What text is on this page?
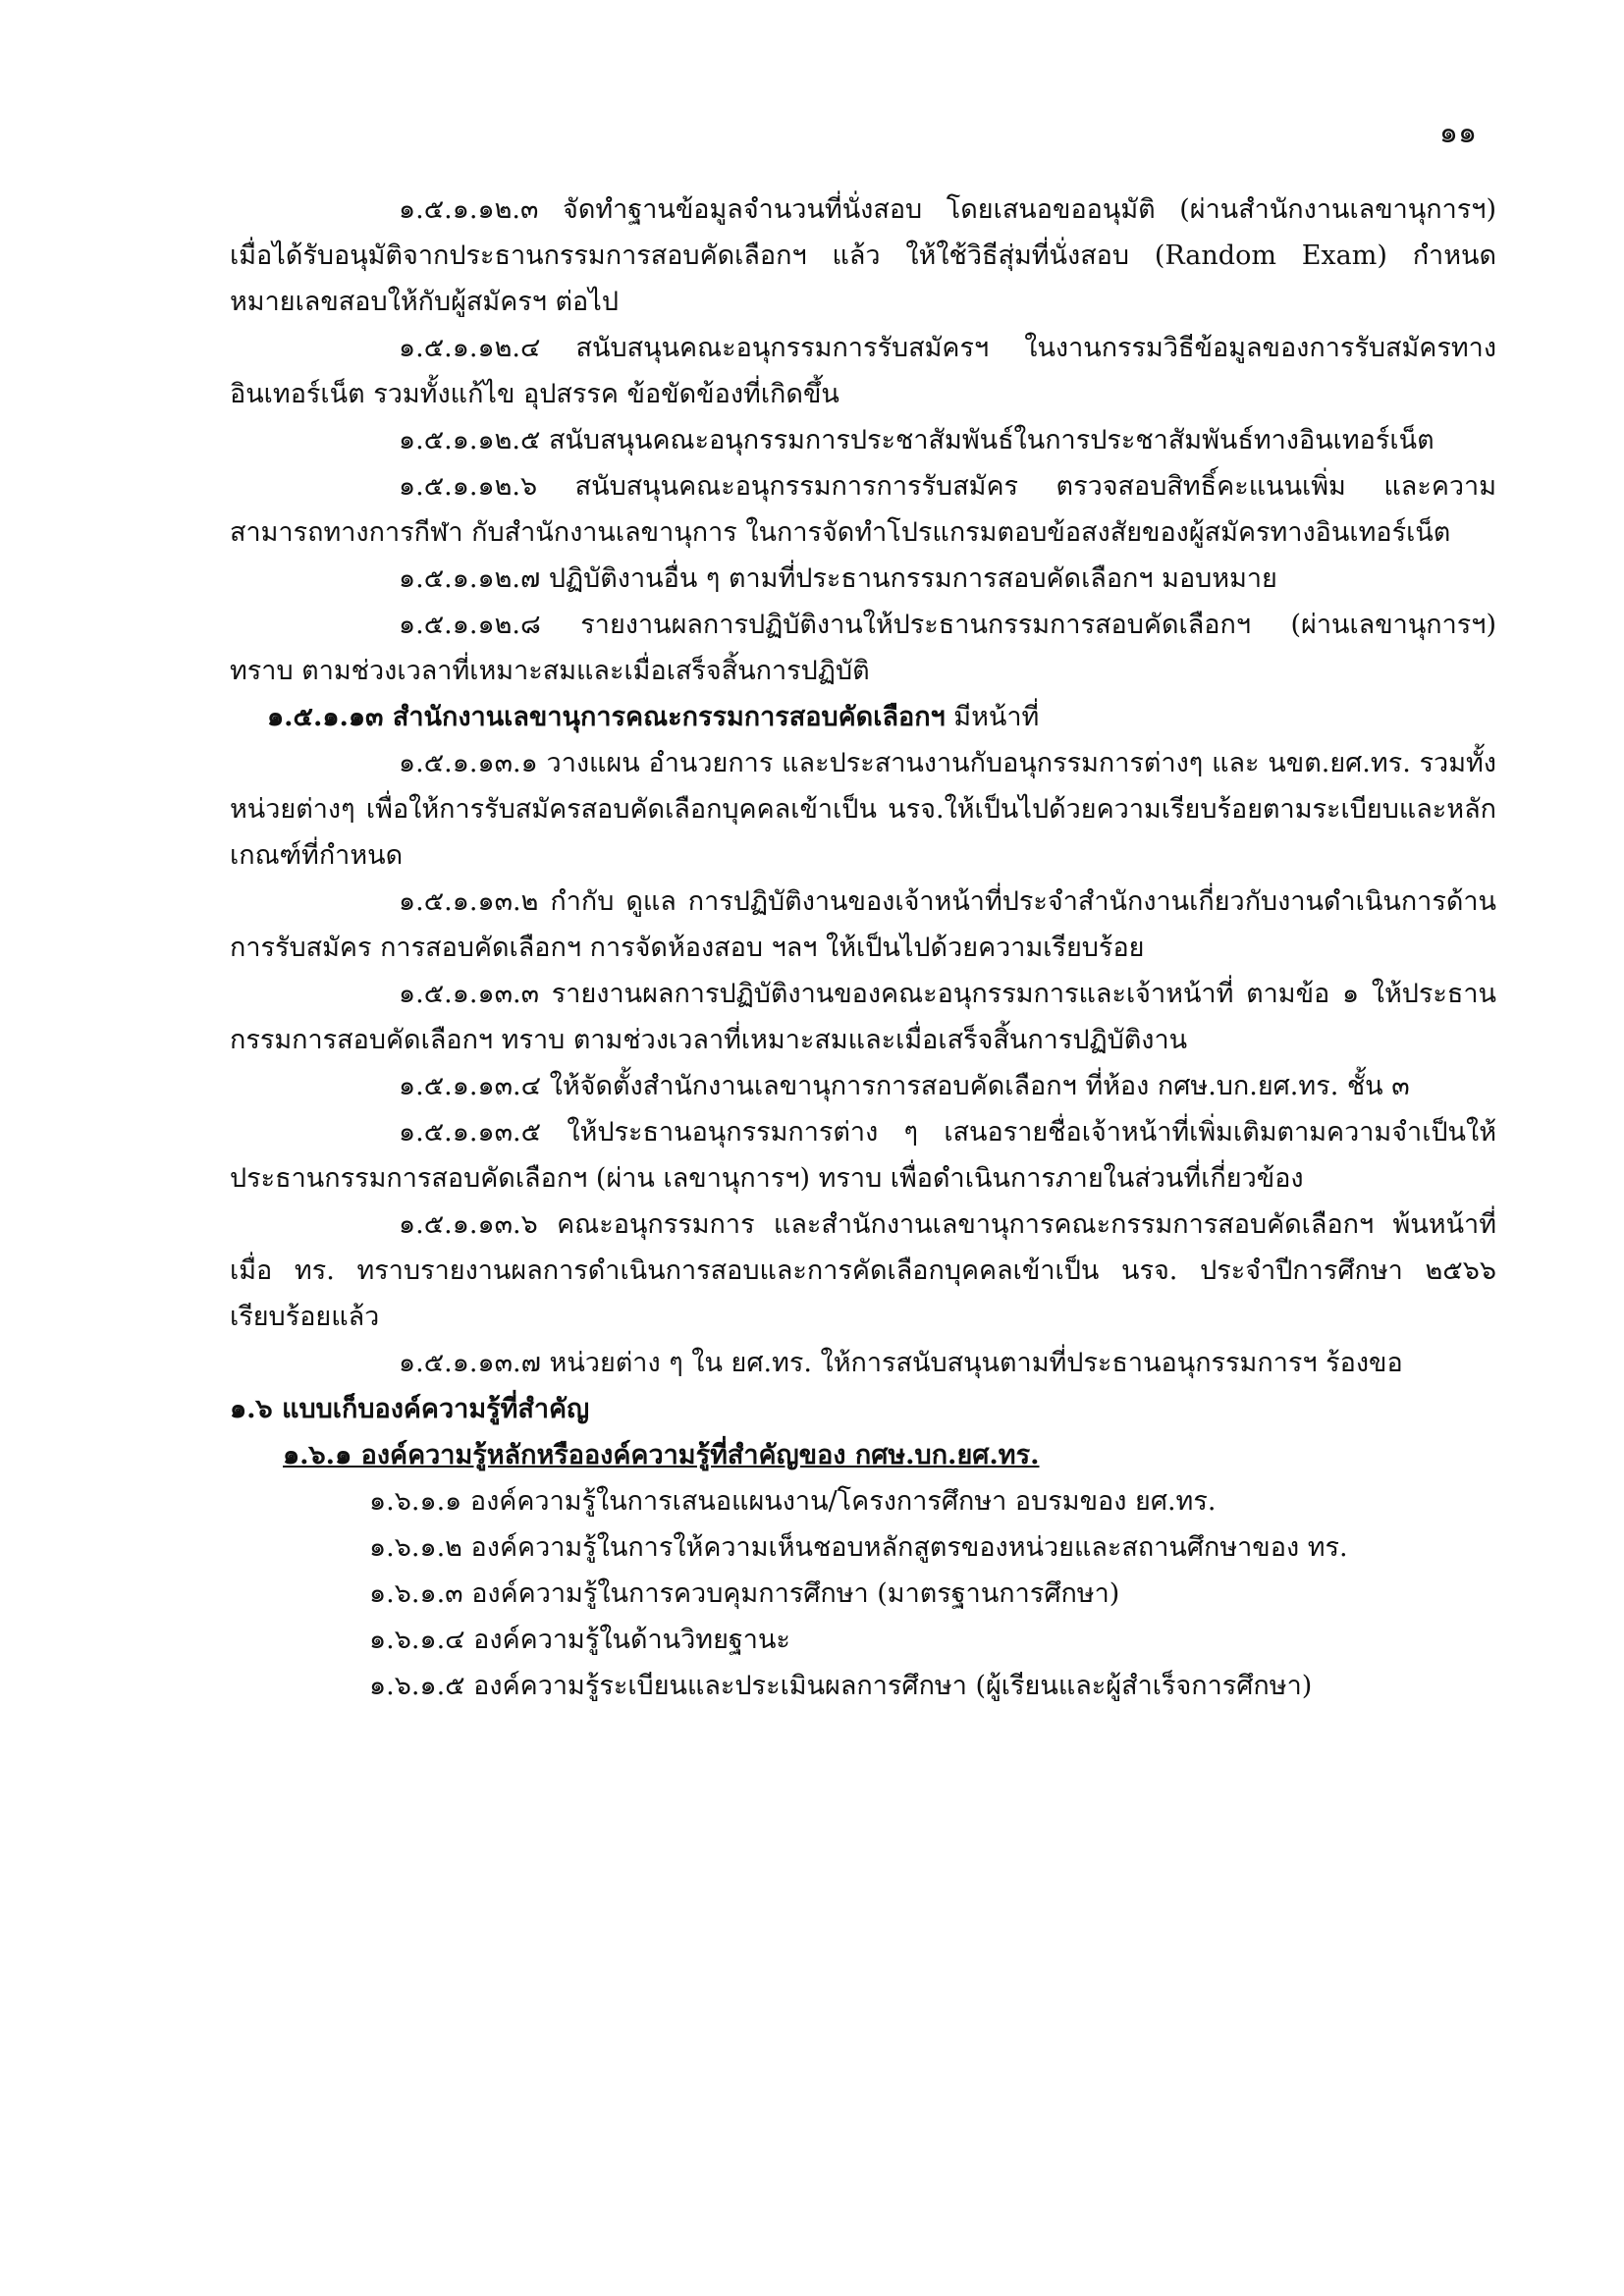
๑๑

๑.๕.๑.๑๒.๓ จัดทำฐานข้อมูลจำนวนที่นั่งสอบ โดยเสนอขออนุมัติ (ผ่านสำนักงานเลขานุการฯ) เมื่อได้รับอนุมัติจากประธานกรรมการสอบคัดเลือกฯ แล้ว ให้ใช้วิธีสุ่มที่นั่งสอบ (Random Exam) กำหนดหมายเลขสอบให้กับผู้สมัครฯ ต่อไป

๑.๕.๑.๑๒.๔ สนับสนุนคณะอนุกรรมการรับสมัครฯ ในงานกรรมวิธีข้อมูลของการรับสมัครทางอินเทอร์เน็ต รวมทั้งแก้ไข อุปสรรค ข้อขัดข้องที่เกิดขึ้น

๑.๕.๑.๑๒.๕ สนับสนุนคณะอนุกรรมการประชาสัมพันธ์ในการประชาสัมพันธ์ทางอินเทอร์เน็ต

๑.๕.๑.๑๒.๖ สนับสนุนคณะอนุกรรมการการรับสมัคร ตรวจสอบสิทธิ์คะแนนเพิ่ม และความสามารถทางการกีฬา กับสำนักงานเลขานุการ ในการจัดทำโปรแกรมตอบข้อสงสัยของผู้สมัครทางอินเทอร์เน็ต

๑.๕.๑.๑๒.๗ ปฏิบัติงานอื่น ๆ ตามที่ประธานกรรมการสอบคัดเลือกฯ มอบหมาย

๑.๕.๑.๑๒.๘ รายงานผลการปฏิบัติงานให้ประธานกรรมการสอบคัดเลือกฯ (ผ่านเลขานุการฯ) ทราบ ตามช่วงเวลาที่เหมาะสมและเมื่อเสร็จสิ้นการปฏิบัติ

๑.๕.๑.๑๓ สำนักงานเลขานุการคณะกรรมการสอบคัดเลือกฯ มีหน้าที่

๑.๕.๑.๑๓.๑ วางแผน อำนวยการ และประสานงานกับอนุกรรมการต่างๆ และ นขต.ยศ.ทร. รวมทั้งหน่วยต่างๆ เพื่อให้การรับสมัครสอบคัดเลือกบุคคลเข้าเป็น นรจ.ให้เป็นไปด้วยความเรียบร้อยตามระเบียบและหลักเกณฑ์ที่กำหนด

๑.๕.๑.๑๓.๒ กำกับ ดูแล การปฏิบัติงานของเจ้าหน้าที่ประจำสำนักงานเกี่ยวกับงานดำเนินการด้านการรับสมัคร การสอบคัดเลือกฯ การจัดห้องสอบ ฯลฯ ให้เป็นไปด้วยความเรียบร้อย

๑.๕.๑.๑๓.๓ รายงานผลการปฏิบัติงานของคณะอนุกรรมการและเจ้าหน้าที่ ตามข้อ ๑ ให้ประธานกรรมการสอบคัดเลือกฯ ทราบ ตามช่วงเวลาที่เหมาะสมและเมื่อเสร็จสิ้นการปฏิบัติงาน

๑.๕.๑.๑๓.๔ ให้จัดตั้งสำนักงานเลขานุการการสอบคัดเลือกฯ ที่ห้อง กศษ.บก.ยศ.ทร. ชั้น ๓

๑.๕.๑.๑๓.๕ ให้ประธานอนุกรรมการต่าง ๆ เสนอรายชื่อเจ้าหน้าที่เพิ่มเติมตามความจำเป็นให้ประธานกรรมการสอบคัดเลือกฯ (ผ่าน เลขานุการฯ) ทราบ เพื่อดำเนินการภายในส่วนที่เกี่ยวข้อง

๑.๕.๑.๑๓.๖ คณะอนุกรรมการ และสำนักงานเลขานุการคณะกรรมการสอบคัดเลือกฯ พ้นหน้าที่เมื่อ ทร. ทราบรายงานผลการดำเนินการสอบและการคัดเลือกบุคคลเข้าเป็น นรจ. ประจำปีการศึกษา ๒๕๖๖ เรียบร้อยแล้ว

๑.๕.๑.๑๓.๗ หน่วยต่าง ๆ ใน ยศ.ทร. ให้การสนับสนุนตามที่ประธานอนุกรรมการฯ ร้องขอ

๑.๖ แบบเก็บองค์ความรู้ที่สำคัญ

๑.๖.๑ องค์ความรู้หลักหรือองค์ความรู้ที่สำคัญของ กศษ.บก.ยศ.ทร.

๑.๖.๑.๑ องค์ความรู้ในการเสนอแผนงาน/โครงการศึกษา อบรมของ ยศ.ทร.

๑.๖.๑.๒ องค์ความรู้ในการให้ความเห็นชอบหลักสูตรของหน่วยและสถานศึกษาของ ทร.

๑.๖.๑.๓ องค์ความรู้ในการควบคุมการศึกษา (มาตรฐานการศึกษา)

๑.๖.๑.๔ องค์ความรู้ในด้านวิทยฐานะ

๑.๖.๑.๕ องค์ความรู้ระเบียนและประเมินผลการศึกษา (ผู้เรียนและผู้สำเร็จการศึกษา)
